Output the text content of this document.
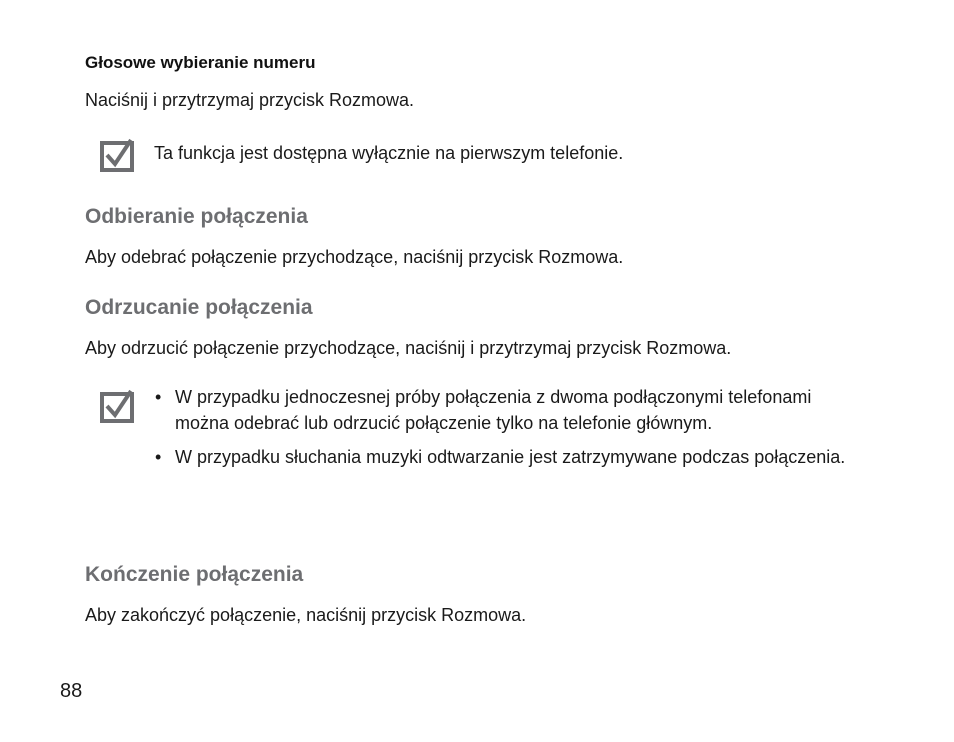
Głosowe wybieranie numeru
Naciśnij i przytrzymaj przycisk Rozmowa.
Ta funkcja jest dostępna wyłącznie na pierwszym telefonie.
Odbieranie połączenia
Aby odebrać połączenie przychodzące, naciśnij przycisk Rozmowa.
Odrzucanie połączenia
Aby odrzucić połączenie przychodzące, naciśnij i przytrzymaj przycisk Rozmowa.
• W przypadku jednoczesnej próby połączenia z dwoma podłączonymi telefonami można odebrać lub odrzucić połączenie tylko na telefonie głównym.
• W przypadku słuchania muzyki odtwarzanie jest zatrzymywane podczas połączenia.
Kończenie połączenia
Aby zakończyć połączenie, naciśnij przycisk Rozmowa.
88
